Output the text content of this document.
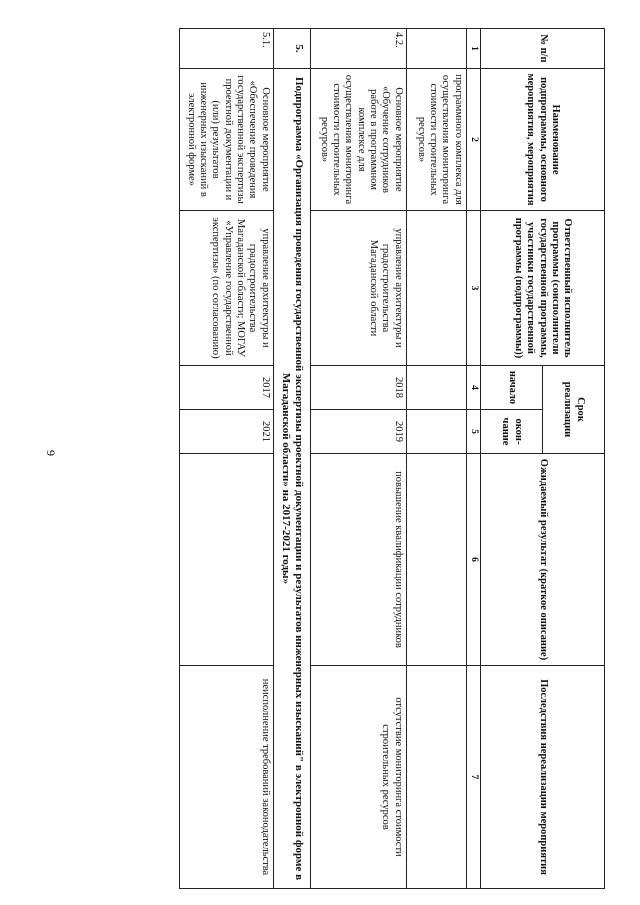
9
№ п/п	Наименование подпрограммы, основного мероприятия, мероприятия	Ответственный исполнитель программы (соисполнители государственной программы, участники государственной программы (подпрограммы))	Срок реализации		Ожидаемый результат (краткое описание)	Последствия нереализации мероприятия
			начало	окон- чание		
1	2	3	4	5	6	7
	программного комплекса для осуществления мониторинга стоимости строительных ресурсов»					
4.2.	Основное мероприятие «Обучение сотрудников работе в программном комплексе для осуществления мониторинга стоимости строительных ресурсов»	управление архитектуры и градостроительства Магаданской области	2018	2019	повышение квалификации сотрудников	отсутствие мониторинга стоимости строительных ресурсов
5.	Подпрограмма «Организация проведения государственной экспертизы проектной документации и результатов инженерных изысканий" в электронной форме в Магаданской области» на 2017-2021 годы»					
5.1.	Основное мероприятие «Обеспечение проведения государственной экспертизы проектной документации и (или) результатов инженерных изысканий в электронной форме»	управление архитектуры и градостроительства Магаданской области; МОГАУ «Управление государственной экспертизы» (по согласованию)	2017	2021		неисполнение требований законодательства
